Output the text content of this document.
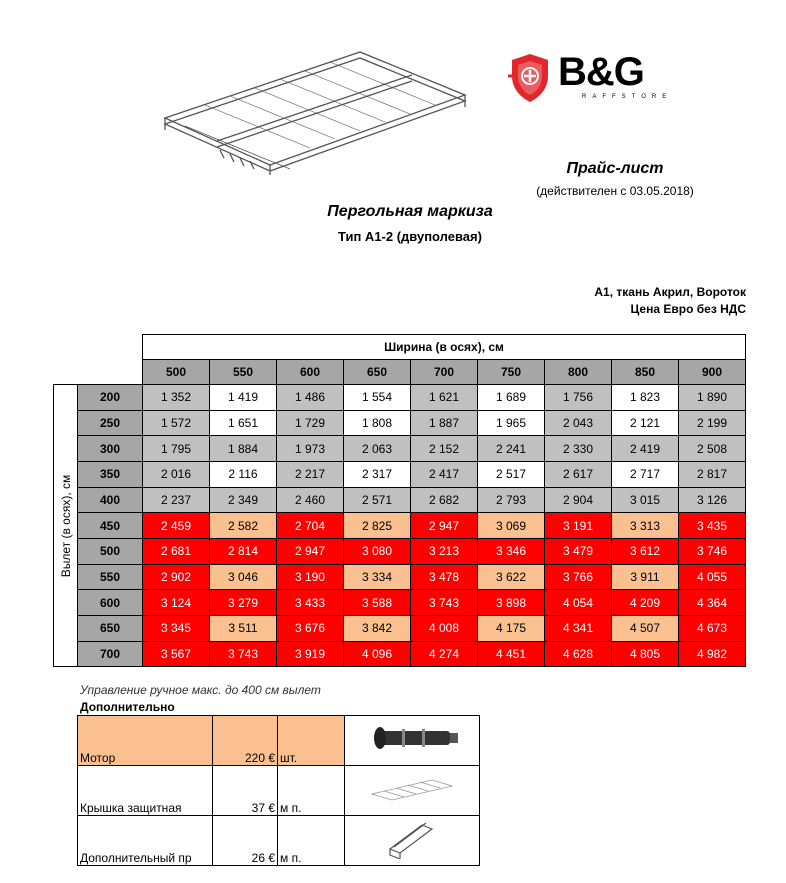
B&G
RAFFSTORE
Прайс-лист
(действителен с 03.05.2018)
Пергольная маркиза
Тип А1-2 (двуполевая)
А1, ткань Акрил, Вороток
Цена Евро без НДС
		Ширина (в осях), см								
		500	550	600	650	700	750	800	850	900

Вылет (в осях), см	200	1 352	1 419	1 486	1 554	1 621	1 689	1 756	1 823	1 890
	250	1 572	1 651	1 729	1 808	1 887	1 965	2 043	2 121	2 199
	300	1 795	1 884	1 973	2 063	2 152	2 241	2 330	2 419	2 508
	350	2 016	2 116	2 217	2 317	2 417	2 517	2 617	2 717	2 817
	400	2 237	2 349	2 460	2 571	2 682	2 793	2 904	3 015	3 126
	450	2 459	2 582	2 704	2 825	2 947	3 069	3 191	3 313	3 435
	500	2 681	2 814	2 947	3 080	3 213	3 346	3 479	3 612	3 746
	550	2 902	3 046	3 190	3 334	3 478	3 622	3 766	3 911	4 055
	600	3 124	3 279	3 433	3 588	3 743	3 898	4 054	4 209	4 364
	650	3 345	3 511	3 676	3 842	4 008	4 175	4 341	4 507	4 673
	700	3 567	3 743	3 919	4 096	4 274	4 451	4 628	4 805	4 982
Управление ручное макс. до 400 см вылет
Дополнительно
Мотор	220 €	шт.	
Крышка защитная	37 €	м п.	
Дополнительный пр	26 €	м п.	
